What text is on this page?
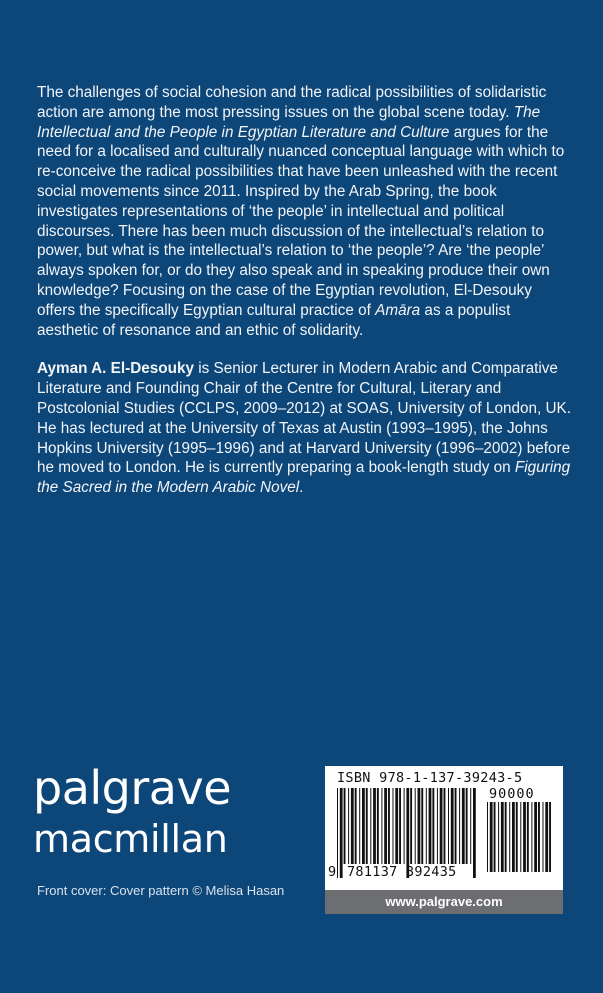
The challenges of social cohesion and the radical possibilities of solidaristic action are among the most pressing issues on the global scene today. The Intellectual and the People in Egyptian Literature and Culture argues for the need for a localised and culturally nuanced conceptual language with which to re-conceive the radical possibilities that have been unleashed with the recent social movements since 2011. Inspired by the Arab Spring, the book investigates representations of ‘the people’ in intellectual and political discourses. There has been much discussion of the intellectual’s relation to power, but what is the intellectual’s relation to ‘the people’? Are ‘the people’ always spoken for, or do they also speak and in speaking produce their own knowledge? Focusing on the case of the Egyptian revolution, El-Desouky offers the specifically Egyptian cultural practice of Amāra as a populist aesthetic of resonance and an ethic of solidarity.

Ayman A. El-Desouky is Senior Lecturer in Modern Arabic and Comparative Literature and Founding Chair of the Centre for Cultural, Literary and Postcolonial Studies (CCLPS, 2009–2012) at SOAS, University of London, UK. He has lectured at the University of Texas at Austin (1993–1995), the Johns Hopkins University (1995–1996) and at Harvard University (1996–2002) before he moved to London. He is currently preparing a book-length study on Figuring the Sacred in the Modern Arabic Novel.

palgrave
macmillan
Front cover: Cover pattern © Melisa Hasan
ISBN 978-1-137-39243-5
90000
9 781137 392435
www.palgrave.com
